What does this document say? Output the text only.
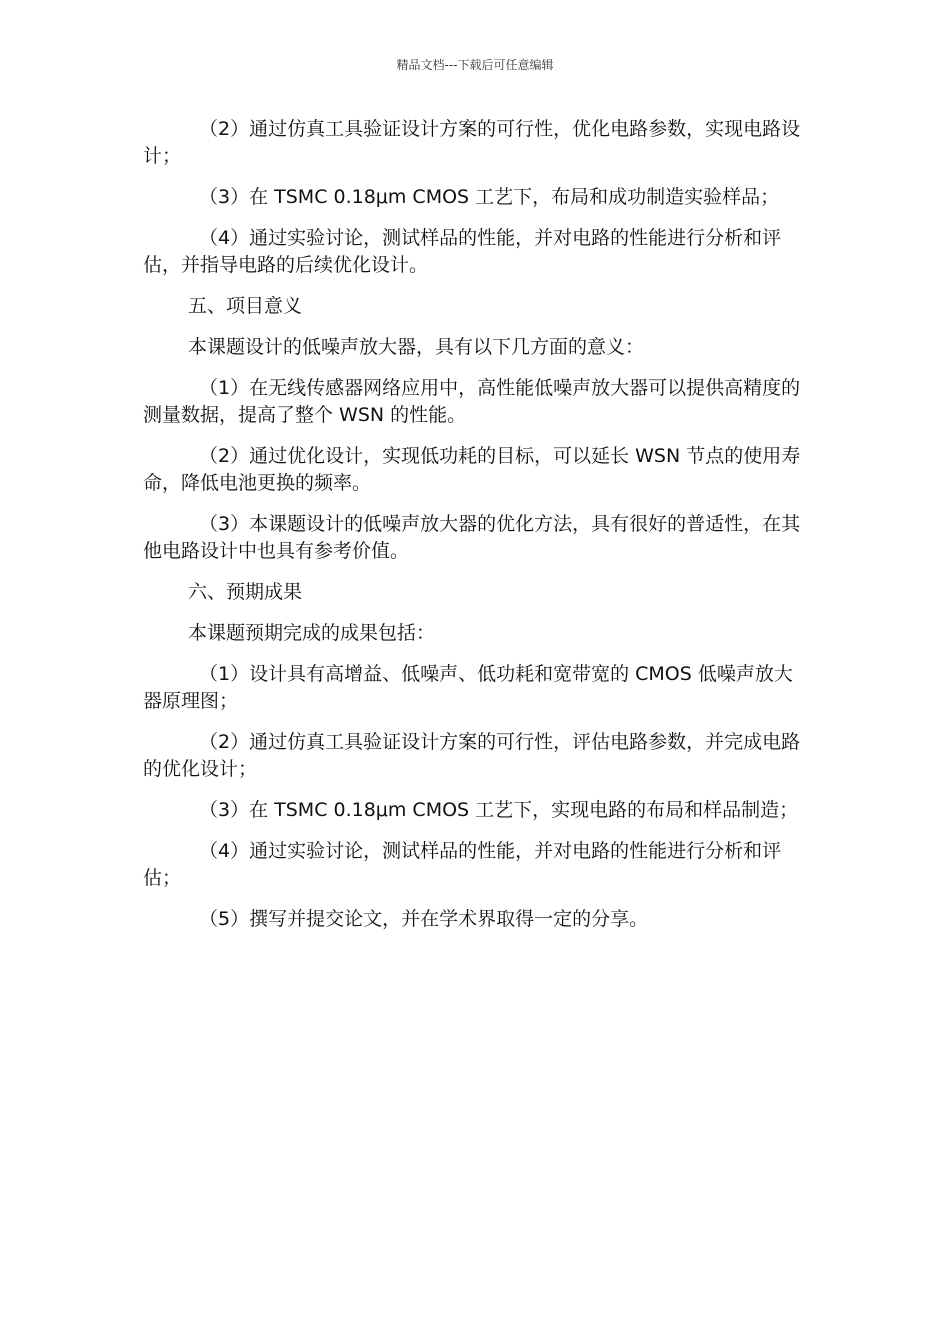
精品文档---下载后可任意编辑

（2）通过仿真工具验证设计方案的可行性，优化电路参数，实现电路设计；

（3）在 TSMC 0.18μm CMOS 工艺下，布局和成功制造实验样品；

（4）通过实验讨论，测试样品的性能，并对电路的性能进行分析和评估，并指导电路的后续优化设计。

五、项目意义

本课题设计的低噪声放大器，具有以下几方面的意义：

（1）在无线传感器网络应用中，高性能低噪声放大器可以提供高精度的测量数据，提高了整个 WSN 的性能。

（2）通过优化设计，实现低功耗的目标，可以延长 WSN 节点的使用寿命，降低电池更换的频率。

（3）本课题设计的低噪声放大器的优化方法，具有很好的普适性，在其他电路设计中也具有参考价值。

六、预期成果

本课题预期完成的成果包括：

（1）设计具有高增益、低噪声、低功耗和宽带宽的 CMOS 低噪声放大器原理图；

（2）通过仿真工具验证设计方案的可行性，评估电路参数，并完成电路的优化设计；

（3）在 TSMC 0.18μm CMOS 工艺下，实现电路的布局和样品制造；

（4）通过实验讨论，测试样品的性能，并对电路的性能进行分析和评估；

（5）撰写并提交论文，并在学术界取得一定的分享。
